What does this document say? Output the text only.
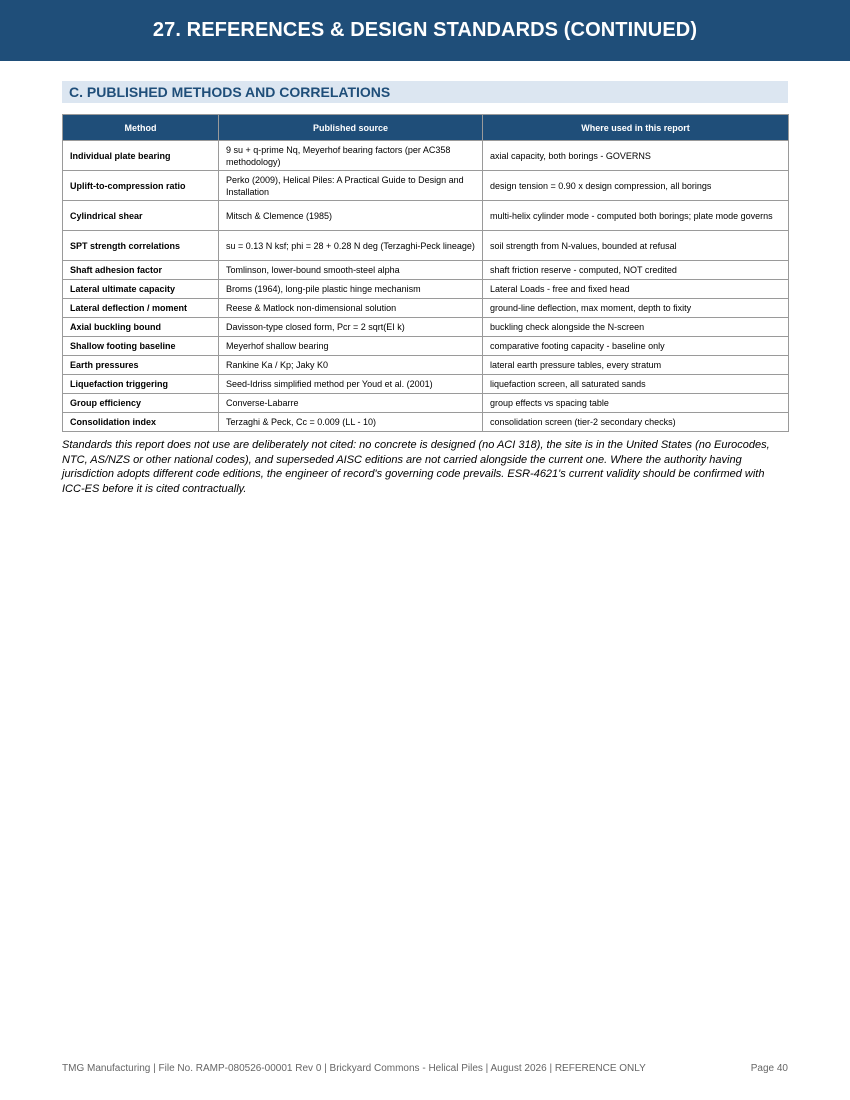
27. REFERENCES & DESIGN STANDARDS (CONTINUED)
C. PUBLISHED METHODS AND CORRELATIONS
Method	Published source	Where used in this report
Individual plate bearing	9 su + q-prime Nq, Meyerhof bearing factors (per AC358 methodology)	axial capacity, both borings - GOVERNS
Uplift-to-compression ratio	Perko (2009), Helical Piles: A Practical Guide to Design and Installation	design tension = 0.90 x design compression, all borings
Cylindrical shear	Mitsch & Clemence (1985)	multi-helix cylinder mode - computed both borings; plate mode governs
SPT strength correlations	su = 0.13 N ksf; phi = 28 + 0.28 N deg (Terzaghi-Peck lineage)	soil strength from N-values, bounded at refusal
Shaft adhesion factor	Tomlinson, lower-bound smooth-steel alpha	shaft friction reserve - computed, NOT credited
Lateral ultimate capacity	Broms (1964), long-pile plastic hinge mechanism	Lateral Loads - free and fixed head
Lateral deflection / moment	Reese & Matlock non-dimensional solution	ground-line deflection, max moment, depth to fixity
Axial buckling bound	Davisson-type closed form, Pcr = 2 sqrt(EI k)	buckling check alongside the N-screen
Shallow footing baseline	Meyerhof shallow bearing	comparative footing capacity - baseline only
Earth pressures	Rankine Ka / Kp; Jaky K0	lateral earth pressure tables, every stratum
Liquefaction triggering	Seed-Idriss simplified method per Youd et al. (2001)	liquefaction screen, all saturated sands
Group efficiency	Converse-Labarre	group effects vs spacing table
Consolidation index	Terzaghi & Peck, Cc = 0.009 (LL - 10)	consolidation screen (tier-2 secondary checks)

Standards this report does not use are deliberately not cited: no concrete is designed (no ACI 318), the site is in the United States (no Eurocodes, NTC, AS/NZS or other national codes), and superseded AISC editions are not carried alongside the current one. Where the authority having jurisdiction adopts different code editions, the engineer of record's governing code prevails. ESR-4621's current validity should be confirmed with ICC-ES before it is cited contractually.

TMG Manufacturing | File No. RAMP-080526-00001 Rev 0 | Brickyard Commons - Helical Piles | August 2026 | REFERENCE ONLY	Page 40
